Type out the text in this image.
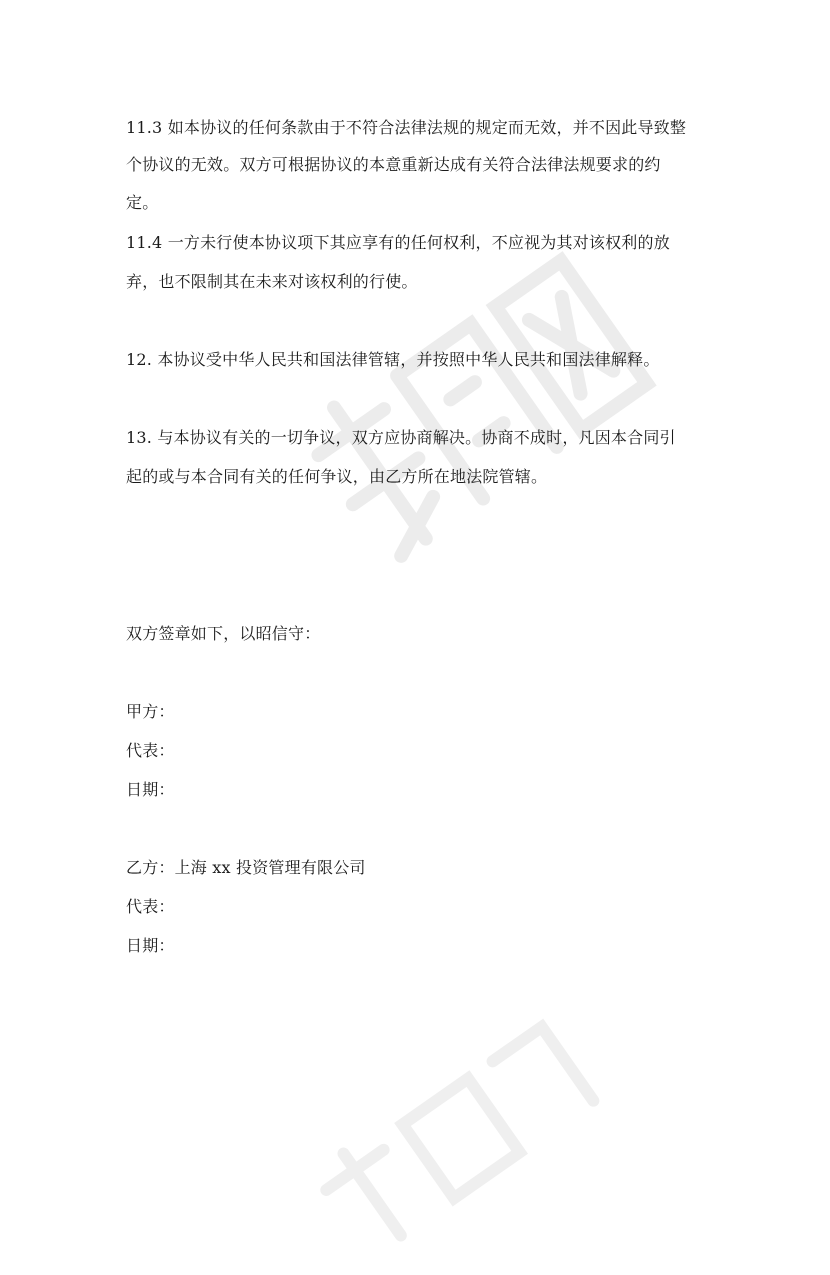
11.3 如本协议的任何条款由于不符合法律法规的规定而无效，并不因此导致整
个协议的无效。双方可根据协议的本意重新达成有关符合法律法规要求的约
定。
11.4 一方未行使本协议项下其应享有的任何权利，不应视为其对该权利的放
弃，也不限制其在未来对该权利的行使。
12. 本协议受中华人民共和国法律管辖，并按照中华人民共和国法律解释。
13. 与本协议有关的一切争议，双方应协商解决。协商不成时，凡因本合同引
起的或与本合同有关的任何争议，由乙方所在地法院管辖。
双方签章如下，以昭信守：
甲方：
代表：
日期：
乙方：上海 xx 投资管理有限公司
代表：
日期：
